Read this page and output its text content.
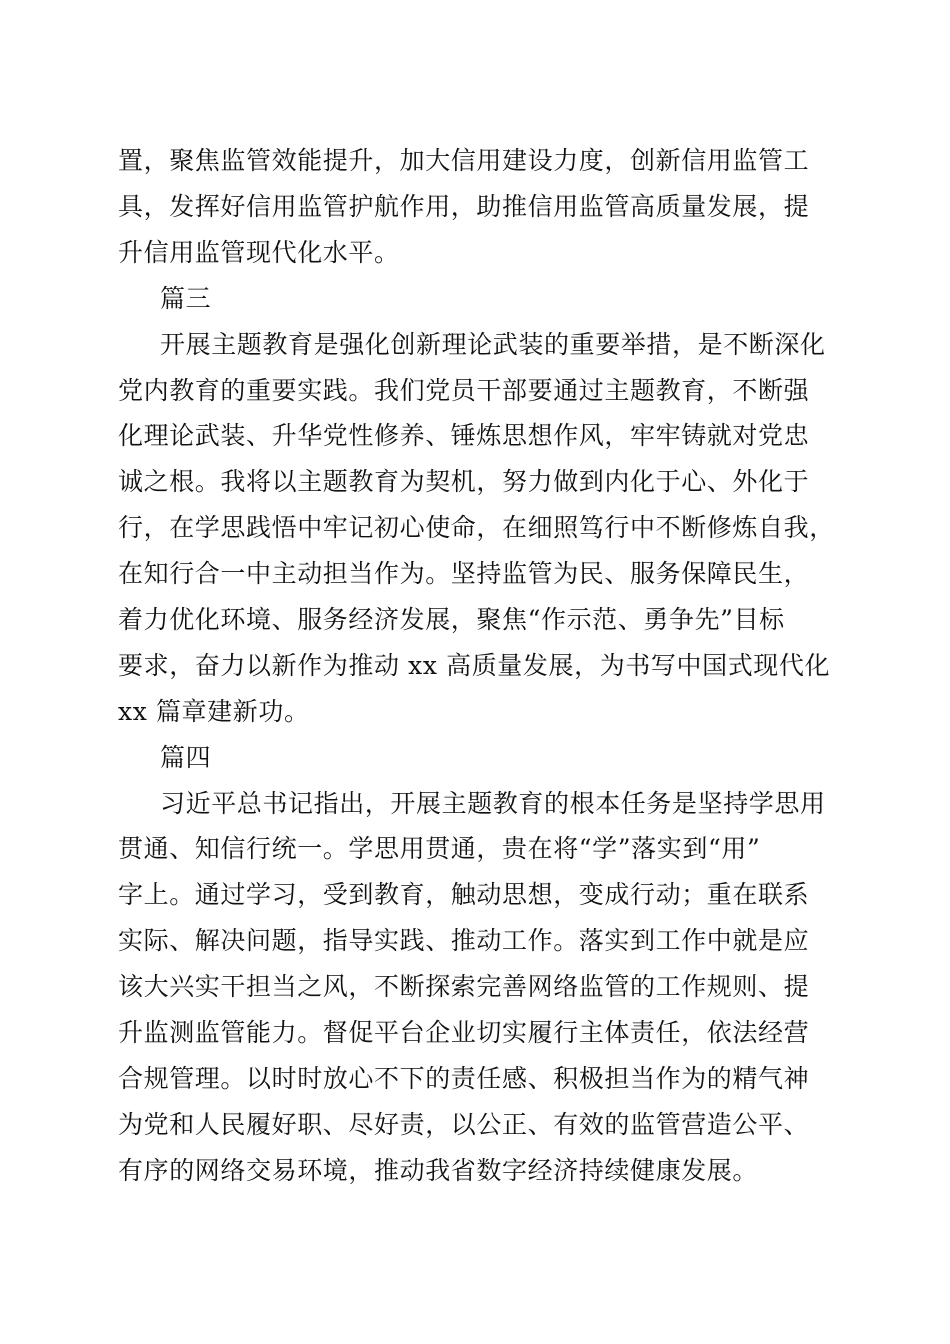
置，聚焦监管效能提升，加大信用建设力度，创新信用监管工

具，发挥好信用监管护航作用，助推信用监管高质量发展，提

升信用监管现代化水平。

篇三

开展主题教育是强化创新理论武装的重要举措，是不断深化

党内教育的重要实践。我们党员干部要通过主题教育，不断强

化理论武装、升华党性修养、锤炼思想作风，牢牢铸就对党忠

诚之根。我将以主题教育为契机，努力做到内化于心、外化于

行，在学思践悟中牢记初心使命，在细照笃行中不断修炼自我，

在知行合一中主动担当作为。坚持监管为民、服务保障民生，

着力优化环境、服务经济发展，聚焦“作示范、勇争先”目标

要求，奋力以新作为推动 xx 高质量发展，为书写中国式现代化

xx 篇章建新功。

篇四

习近平总书记指出，开展主题教育的根本任务是坚持学思用

贯通、知信行统一。学思用贯通，贵在将“学”落实到“用”

字上。通过学习，受到教育，触动思想，变成行动；重在联系

实际、解决问题，指导实践、推动工作。落实到工作中就是应

该大兴实干担当之风，不断探索完善网络监管的工作规则、提

升监测监管能力。督促平台企业切实履行主体责任，依法经营

合规管理。以时时放心不下的责任感、积极担当作为的精气神

为党和人民履好职、尽好责，以公正、有效的监管营造公平、

有序的网络交易环境，推动我省数字经济持续健康发展。
